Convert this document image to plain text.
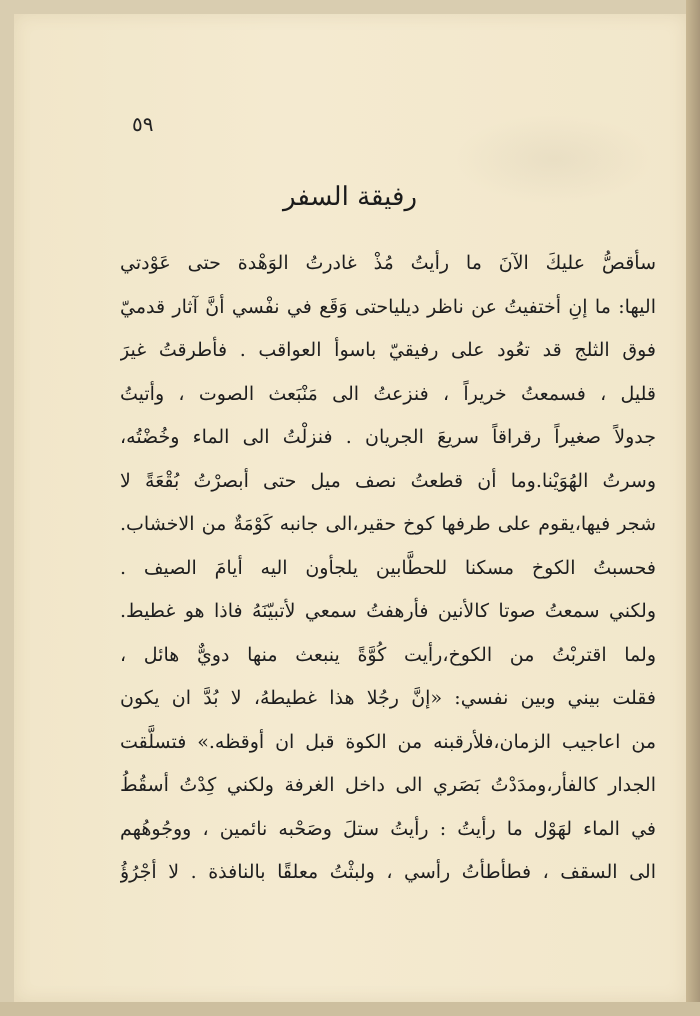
٥٩
رفيقة السفر
سأقصُّ عليكَ الآنَ ما رأيتُ مُذْ غادرتُ الوَهْدة حتى عَوْدتي
اليها: ما إنِ أختفيتُ عن ناظر ديلياحتى وَقَع في نفْسي أنَّ آثار قدميّ
فوق الثلج قد تعُود على رفيقيّ باسوأ العواقب . فأطرقتُ غيرَ
قليل ، فسمعتُ خريراً ، فنزعتُ الى مَنْبَعث الصوت ، وأتيتُ
جدولاً صغيراً رقراقاً سريعَ الجريان . فنزلْتُ الى الماء وخُضْتُه،
وسرتُ الهُوَيْنا.وما أن قطعتُ نصف ميل حتى أبصرْتُ بُقْعَةً لا
شجر فيها،يقوم على طرفها كوخ حقير،الى جانبه كَوْمَةٌ من الاخشاب.
فحسبتُ الكوخ مسكنا للحطَّابين يلجأون اليه أيامَ الصيف .
ولكني سمعتُ صوتا كالأنين فأرهفتُ سمعي لأتبيّنَهُ فاذا هو غطيط.
ولما اقتربْتُ من الكوخ،رأيت كُوَّةً ينبعث منها دويٌّ هائل ،
فقلت بيني وبين نفسي: «إنَّ رجُلا هذا غطيطهُ، لا بُدَّ ان يكون
من اعاجيب الزمان،فلأرقبنه من الكوة قبل ان أوقظه.» فتسلَّقت
الجدار كالفأر،ومدَدْتُ بَصَري الى داخل الغرفة ولكني كِدْتُ أسقُطُ
في الماء لهَوْل ما رأيتُ : رأيتُ ستلَ وصَحْبه نائمين ، ووجُوهُهم
الى السقف ، فطأطأتُ رأسي ، ولبثْتُ معلقًا بالنافذة . لا أجْرُؤُ
